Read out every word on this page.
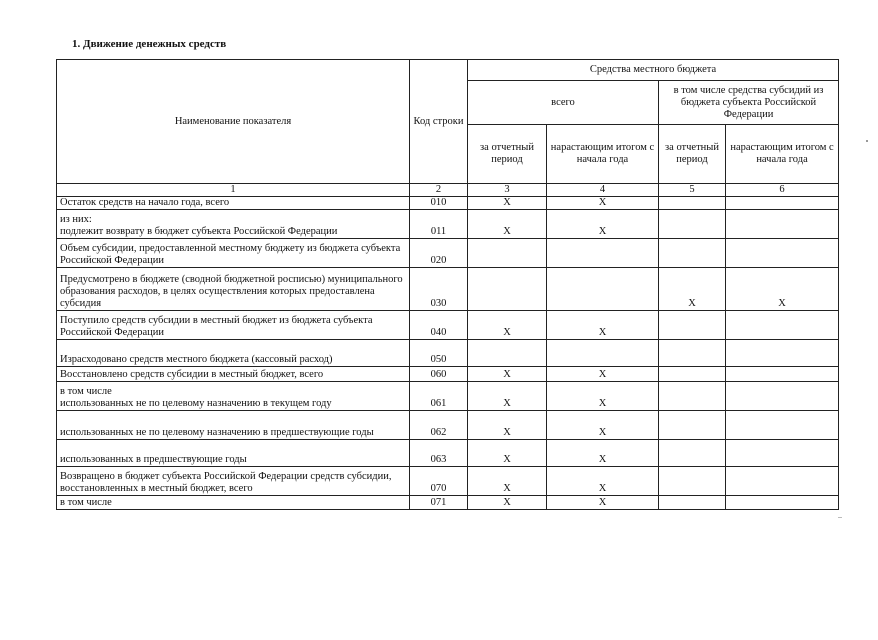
1. Движение денежных средств
Наименование показателя	Код строки	Средства местного бюджета			
		всего		в том числе средства субсидий из бюджета субъекта Российской Федерации	
		за отчетный период	нарастающим итогом с начала года	за отчетный период	нарастающим итогом с начала года
1	2	3	4	5	6
Остаток средств на начало года, всего	010	X	X		
из них:
подлежит возврату в бюджет субъекта Российской Федерации	011	X	X		
Объем субсидии, предоставленной местному бюджету из бюджета субъекта Российской Федерации	020				
Предусмотрено в бюджете (сводной бюджетной росписью) муниципального образования расходов, в целях осуществления которых предоставлена субсидия	030			X	X
Поступило средств субсидии в местный бюджет из бюджета субъекта Российской Федерации	040	X	X		
Израсходовано средств местного бюджета (кассовый расход)	050				
Восстановлено средств субсидии в местный бюджет, всего	060	X	X		
в том числе
использованных не по целевому назначению в текущем году	061	X	X		
использованных не по целевому назначению в предшествующие годы	062	X	X		
использованных в предшествующие годы	063	X	X		
Возвращено в бюджет субъекта Российской Федерации средств субсидии, восстановленных в местный бюджет, всего	070	X	X		
в том числе	071	X	X		
